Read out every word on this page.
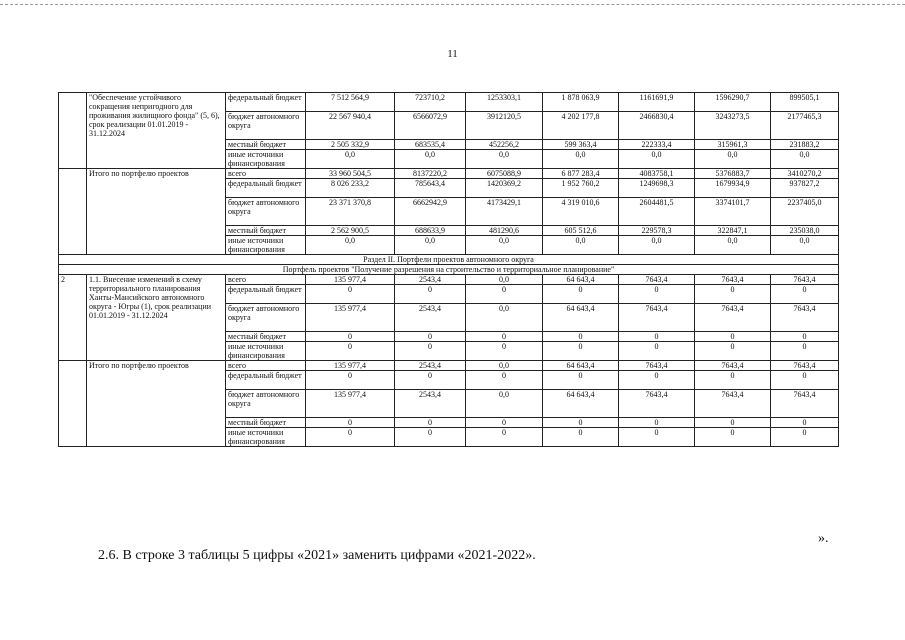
11
	"Обеспечение устойчивого сокращения непригодного для проживания жилищного фонда" (5, 6), срок реализации 01.01.2019 - 31.12.2024	федеральный бюджет	7 512 564,9	723710,2	1253303,1	1 878 063,9	1161691,9	1596290,7	899505,1
		бюджет автономного округа	22 567 940,4	6566072,9	3912120,5	4 202 177,8	2466830,4	3243273,5	2177465,3
		местный бюджет	2 505 332,9	683535,4	452256,2	599 363,4	222333,4	315961,3	231883,2
		иные источники финансирования	0,0	0,0	0,0	0,0	0,0	0,0	0,0
	Итого по портфелю проектов	всего	33 960 504,5	8137220,2	6075088,9	6 877 283,4	4083758,1	5376883,7	3410270,2
		федеральный бюджет	8 026 233,2	785643,4	1420369,2	1 952 760,2	1249698,3	1679934,9	937827,2
		бюджет автономного округа	23 371 370,8	6662942,9	4173429,1	4 319 010,6	2604481,5	3374101,7	2237405,0
		местный бюджет	2 562 900,5	688633,9	481290,6	605 512,6	229578,3	322847,1	235038,0
		иные источники финансирования	0,0	0,0	0,0	0,0	0,0	0,0	0,0
Раздел II. Портфели проектов автономного округа									
Портфель проектов "Получение разрешения на строительство и территориальное планирование"									
2	1.1. Внесение изменений в схему территориального планирования Ханты-Мансийского автономного округа - Югры (1), срок реализации 01.01.2019 - 31.12.2024	всего	135 977,4	2543,4	0,0	64 643,4	7643,4	7643,4	7643,4
		федеральный бюджет	0	0	0	0	0	0	0
		бюджет автономного округа	135 977,4	2543,4	0,0	64 643,4	7643,4	7643,4	7643,4
		местный бюджет	0	0	0	0	0	0	0
		иные источники финансирования	0	0	0	0	0	0	0
	Итого по портфелю проектов	всего	135 977,4	2543,4	0,0	64 643,4	7643,4	7643,4	7643,4
		федеральный бюджет	0	0	0	0	0	0	0
		бюджет автономного округа	135 977,4	2543,4	0,0	64 643,4	7643,4	7643,4	7643,4
		местный бюджет	0	0	0	0	0	0	0
		иные источники финансирования	0	0	0	0	0	0	0
».
2.6. В строке 3 таблицы 5 цифры «2021» заменить цифрами «2021-2022».
